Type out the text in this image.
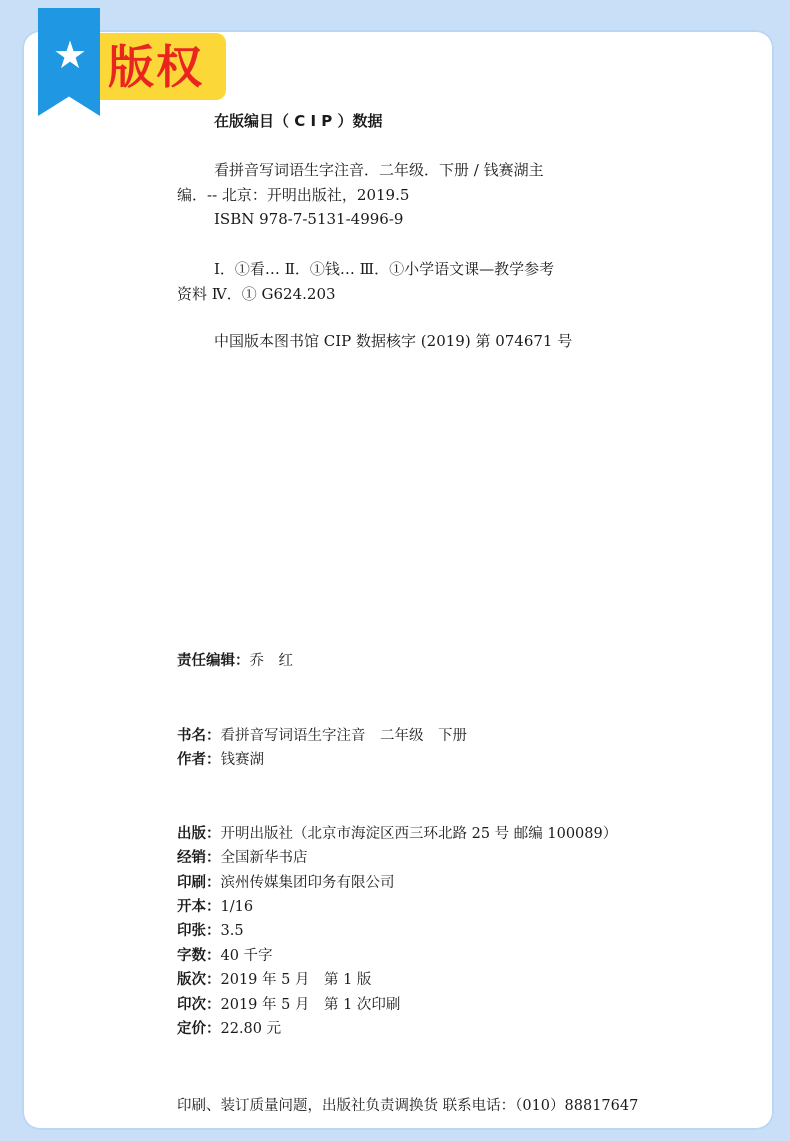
★ 版权
在版编目（ C I P ）数据
看拼音写词语生字注音．二年级．下册 / 钱赛湖主
编．-- 北京：开明出版社，2019.5
ISBN 978-7-5131-4996-9
Ⅰ．①看… Ⅱ．①钱… Ⅲ．①小学语文课—教学参考
资料 Ⅳ．① G624.203
中国版本图书馆 CIP 数据核字 (2019) 第 074671 号
责任编辑：乔　红
书名：看拼音写词语生字注音　二年级　下册
作者：钱赛湖
出版：开明出版社（北京市海淀区西三环北路 25 号 邮编 100089）
经销：全国新华书店
印刷：滨州传媒集团印务有限公司
开本：1/16
印张：3.5
字数：40 千字
版次：2019 年 5 月　第 1 版
印次：2019 年 5 月　第 1 次印刷
定价：22.80 元
印刷、装订质量问题，出版社负责调换货 联系电话：（010）88817647
